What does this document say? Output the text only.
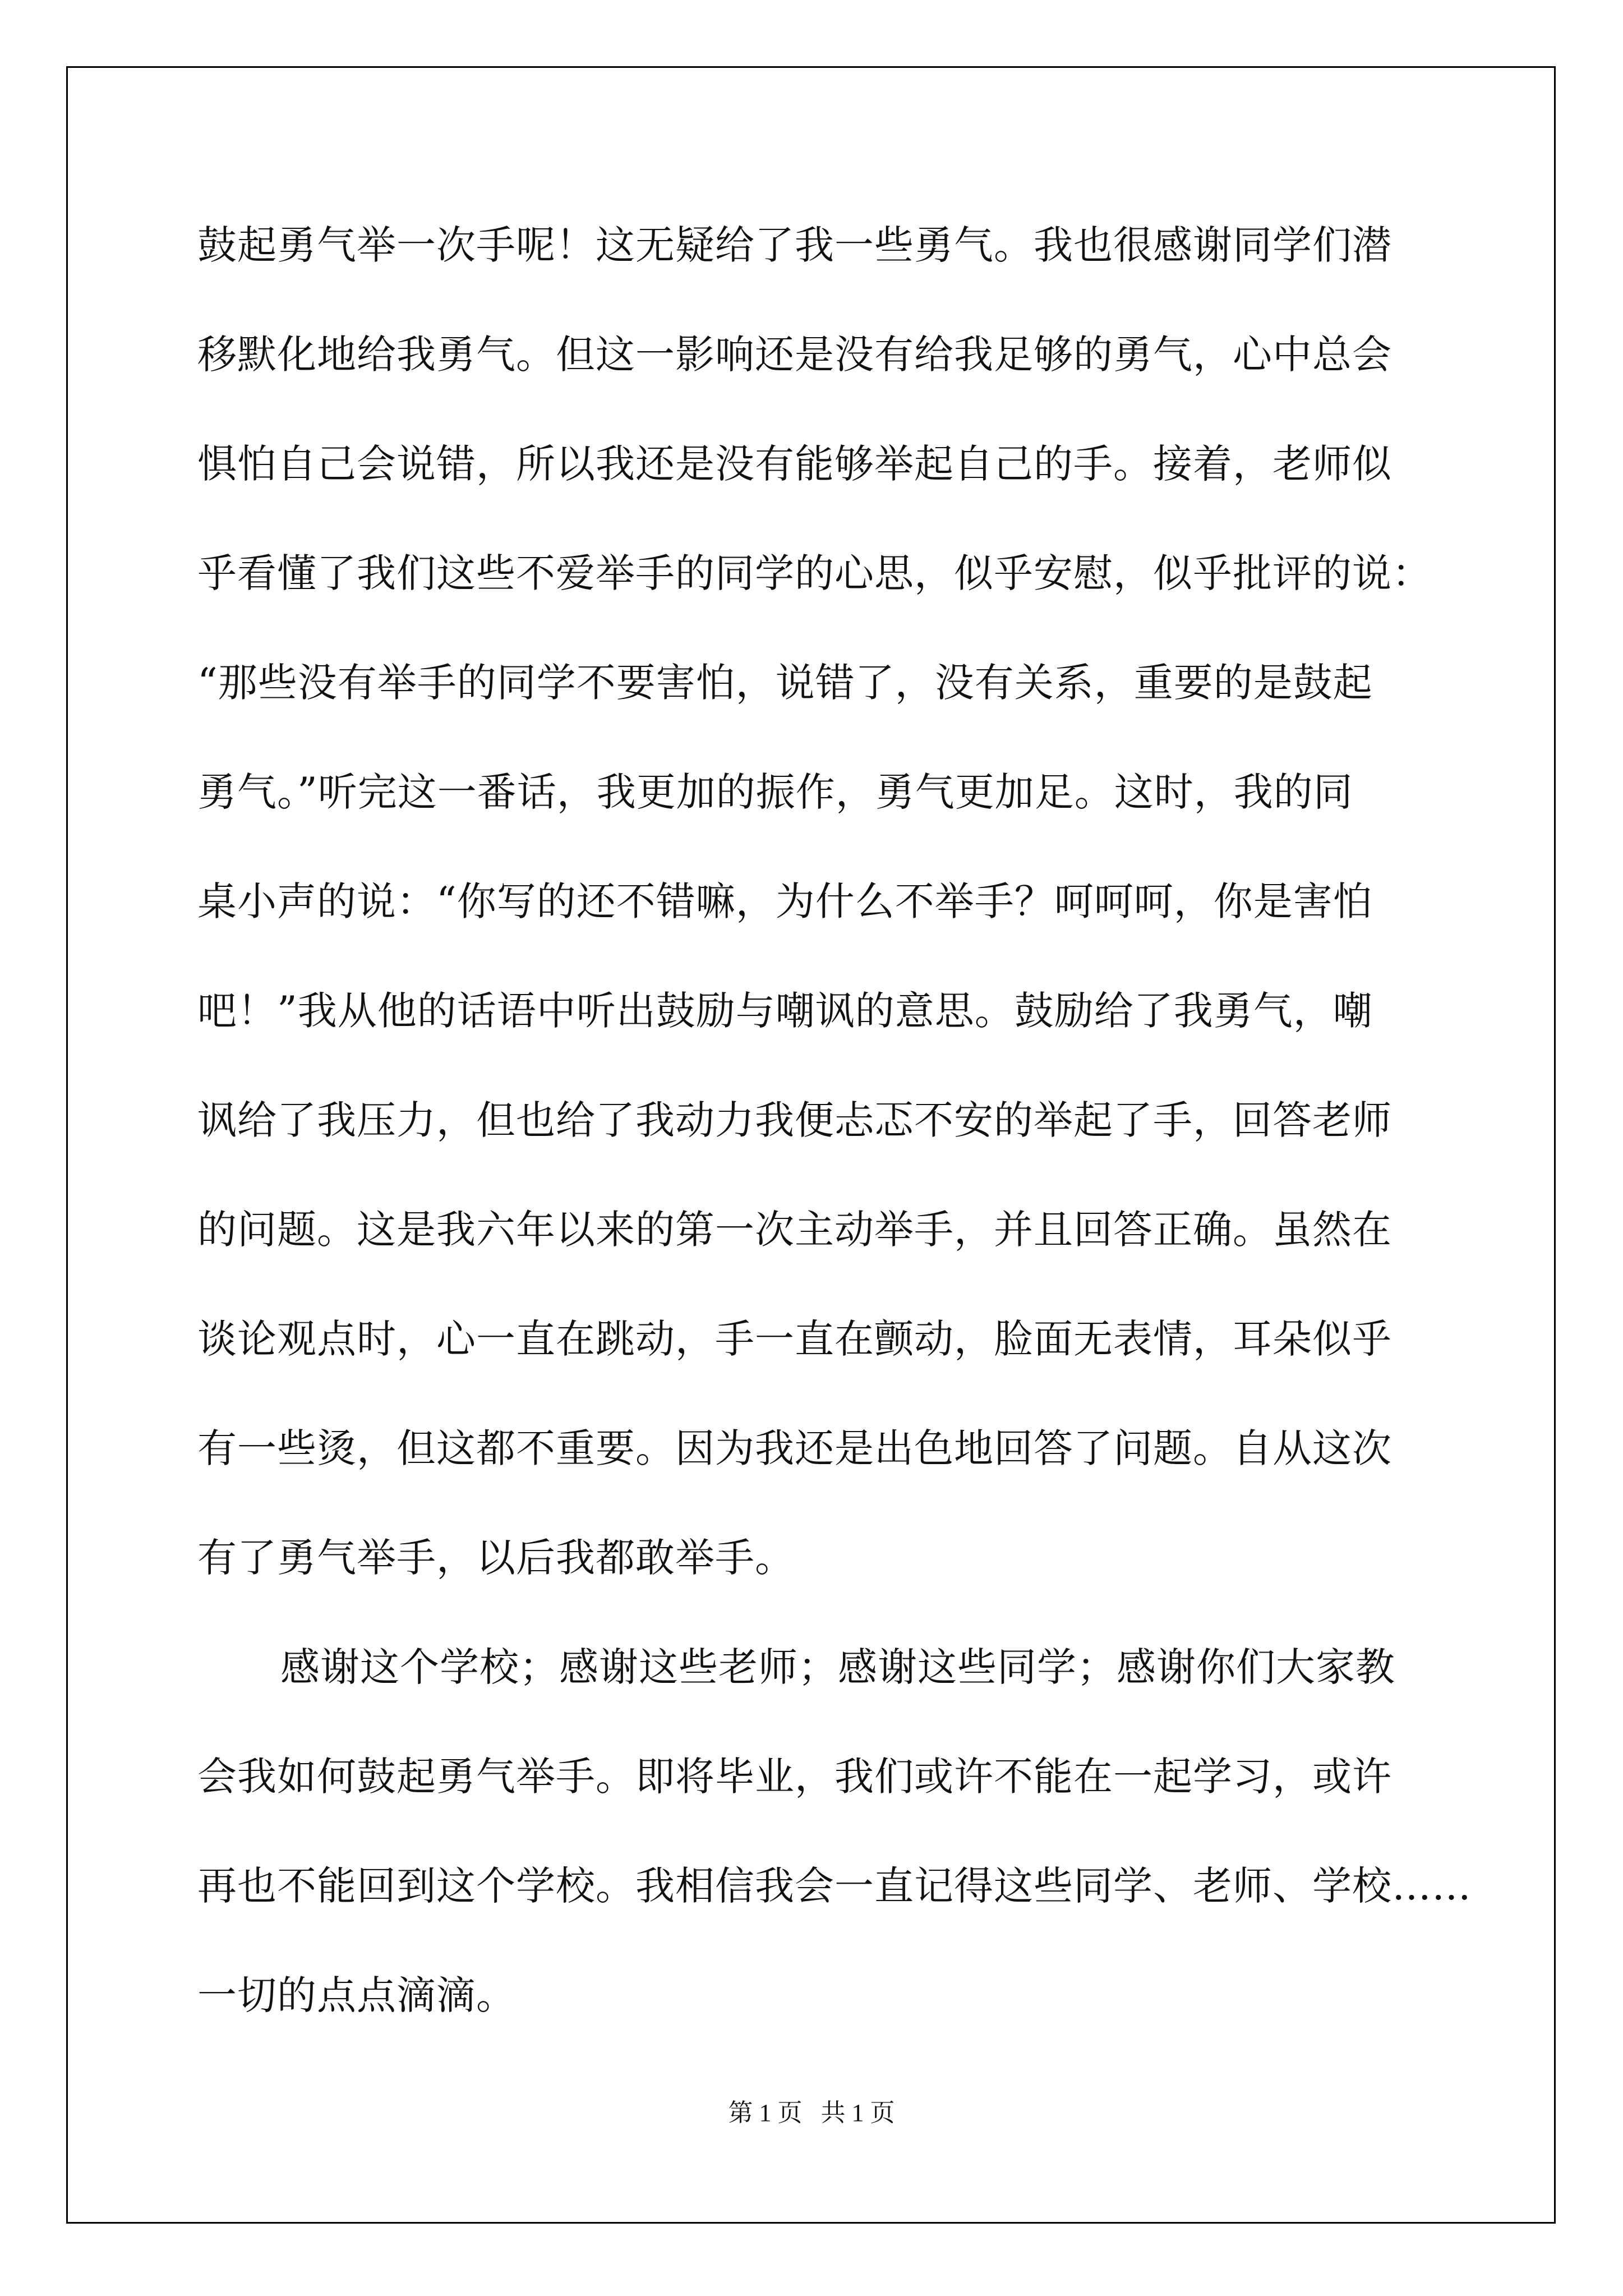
鼓起勇气举一次手呢！这无疑给了我一些勇气。我也很感谢同学们潜
移默化地给我勇气。但这一影响还是没有给我足够的勇气，心中总会
惧怕自己会说错，所以我还是没有能够举起自己的手。接着，老师似
乎看懂了我们这些不爱举手的同学的心思，似乎安慰，似乎批评的说：
“那些没有举手的同学不要害怕，说错了，没有关系，重要的是鼓起
勇气。”听完这一番话，我更加的振作，勇气更加足。这时，我的同
桌小声的说：“你写的还不错嘛，为什么不举手？呵呵呵，你是害怕
吧！”我从他的话语中听出鼓励与嘲讽的意思。鼓励给了我勇气，嘲
讽给了我压力，但也给了我动力我便忐忑不安的举起了手，回答老师
的问题。这是我六年以来的第一次主动举手，并且回答正确。虽然在
谈论观点时，心一直在跳动，手一直在颤动，脸面无表情，耳朵似乎
有一些烫，但这都不重要。因为我还是出色地回答了问题。自从这次
有了勇气举手，以后我都敢举手。
感谢这个学校；感谢这些老师；感谢这些同学；感谢你们大家教
会我如何鼓起勇气举手。即将毕业，我们或许不能在一起学习，或许
再也不能回到这个学校。我相信我会一直记得这些同学、老师、学校……
一切的点点滴滴。
第 1 页 共 1 页
